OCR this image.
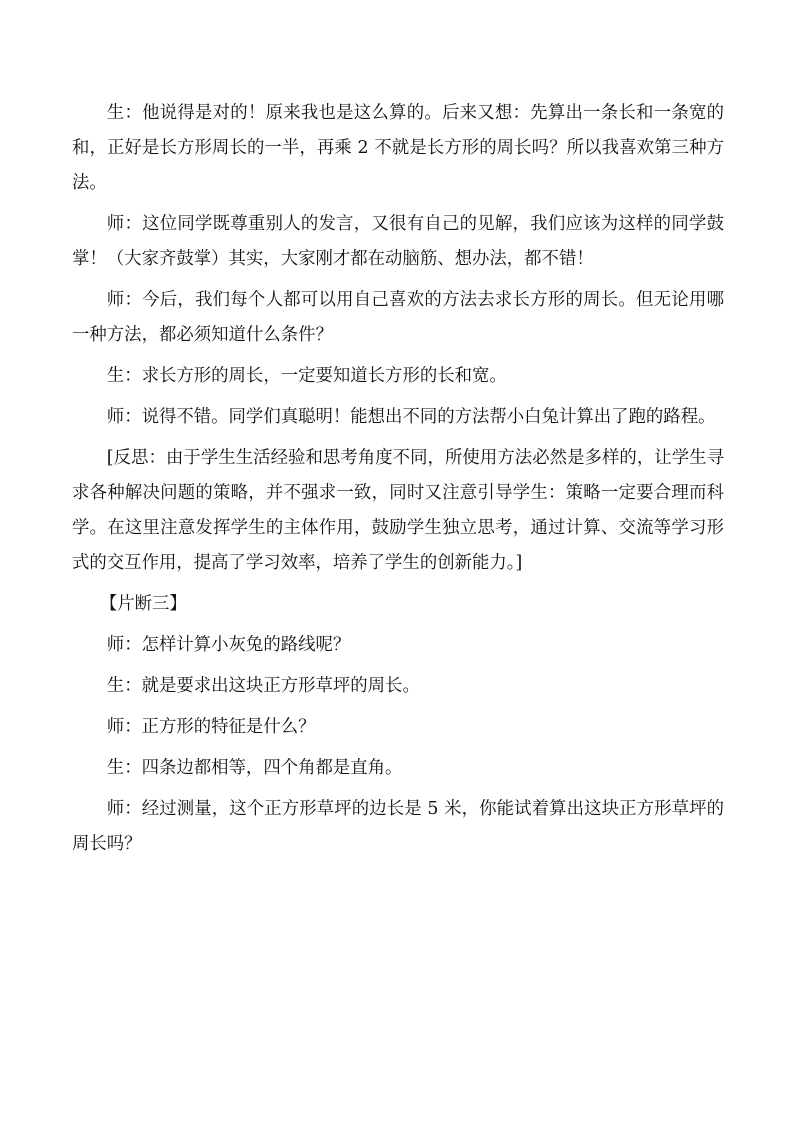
生：他说得是对的！原来我也是这么算的。后来又想：先算出一条长和一条宽的和，正好是长方形周长的一半，再乘 2 不就是长方形的周长吗？所以我喜欢第三种方法。

师：这位同学既尊重别人的发言，又很有自己的见解，我们应该为这样的同学鼓掌！（大家齐鼓掌）其实，大家刚才都在动脑筋、想办法，都不错！

师：今后，我们每个人都可以用自己喜欢的方法去求长方形的周长。但无论用哪一种方法，都必须知道什么条件？

生：求长方形的周长，一定要知道长方形的长和宽。

师：说得不错。同学们真聪明！能想出不同的方法帮小白兔计算出了跑的路程。

[反思：由于学生生活经验和思考角度不同，所使用方法必然是多样的，让学生寻求各种解决问题的策略，并不强求一致，同时又注意引导学生：策略一定要合理而科学。在这里注意发挥学生的主体作用，鼓励学生独立思考，通过计算、交流等学习形式的交互作用，提高了学习效率，培养了学生的创新能力。]

【片断三】

师：怎样计算小灰兔的路线呢？

生：就是要求出这块正方形草坪的周长。

师：正方形的特征是什么？

生：四条边都相等，四个角都是直角。

师：经过测量，这个正方形草坪的边长是 5 米，你能试着算出这块正方形草坪的周长吗？
